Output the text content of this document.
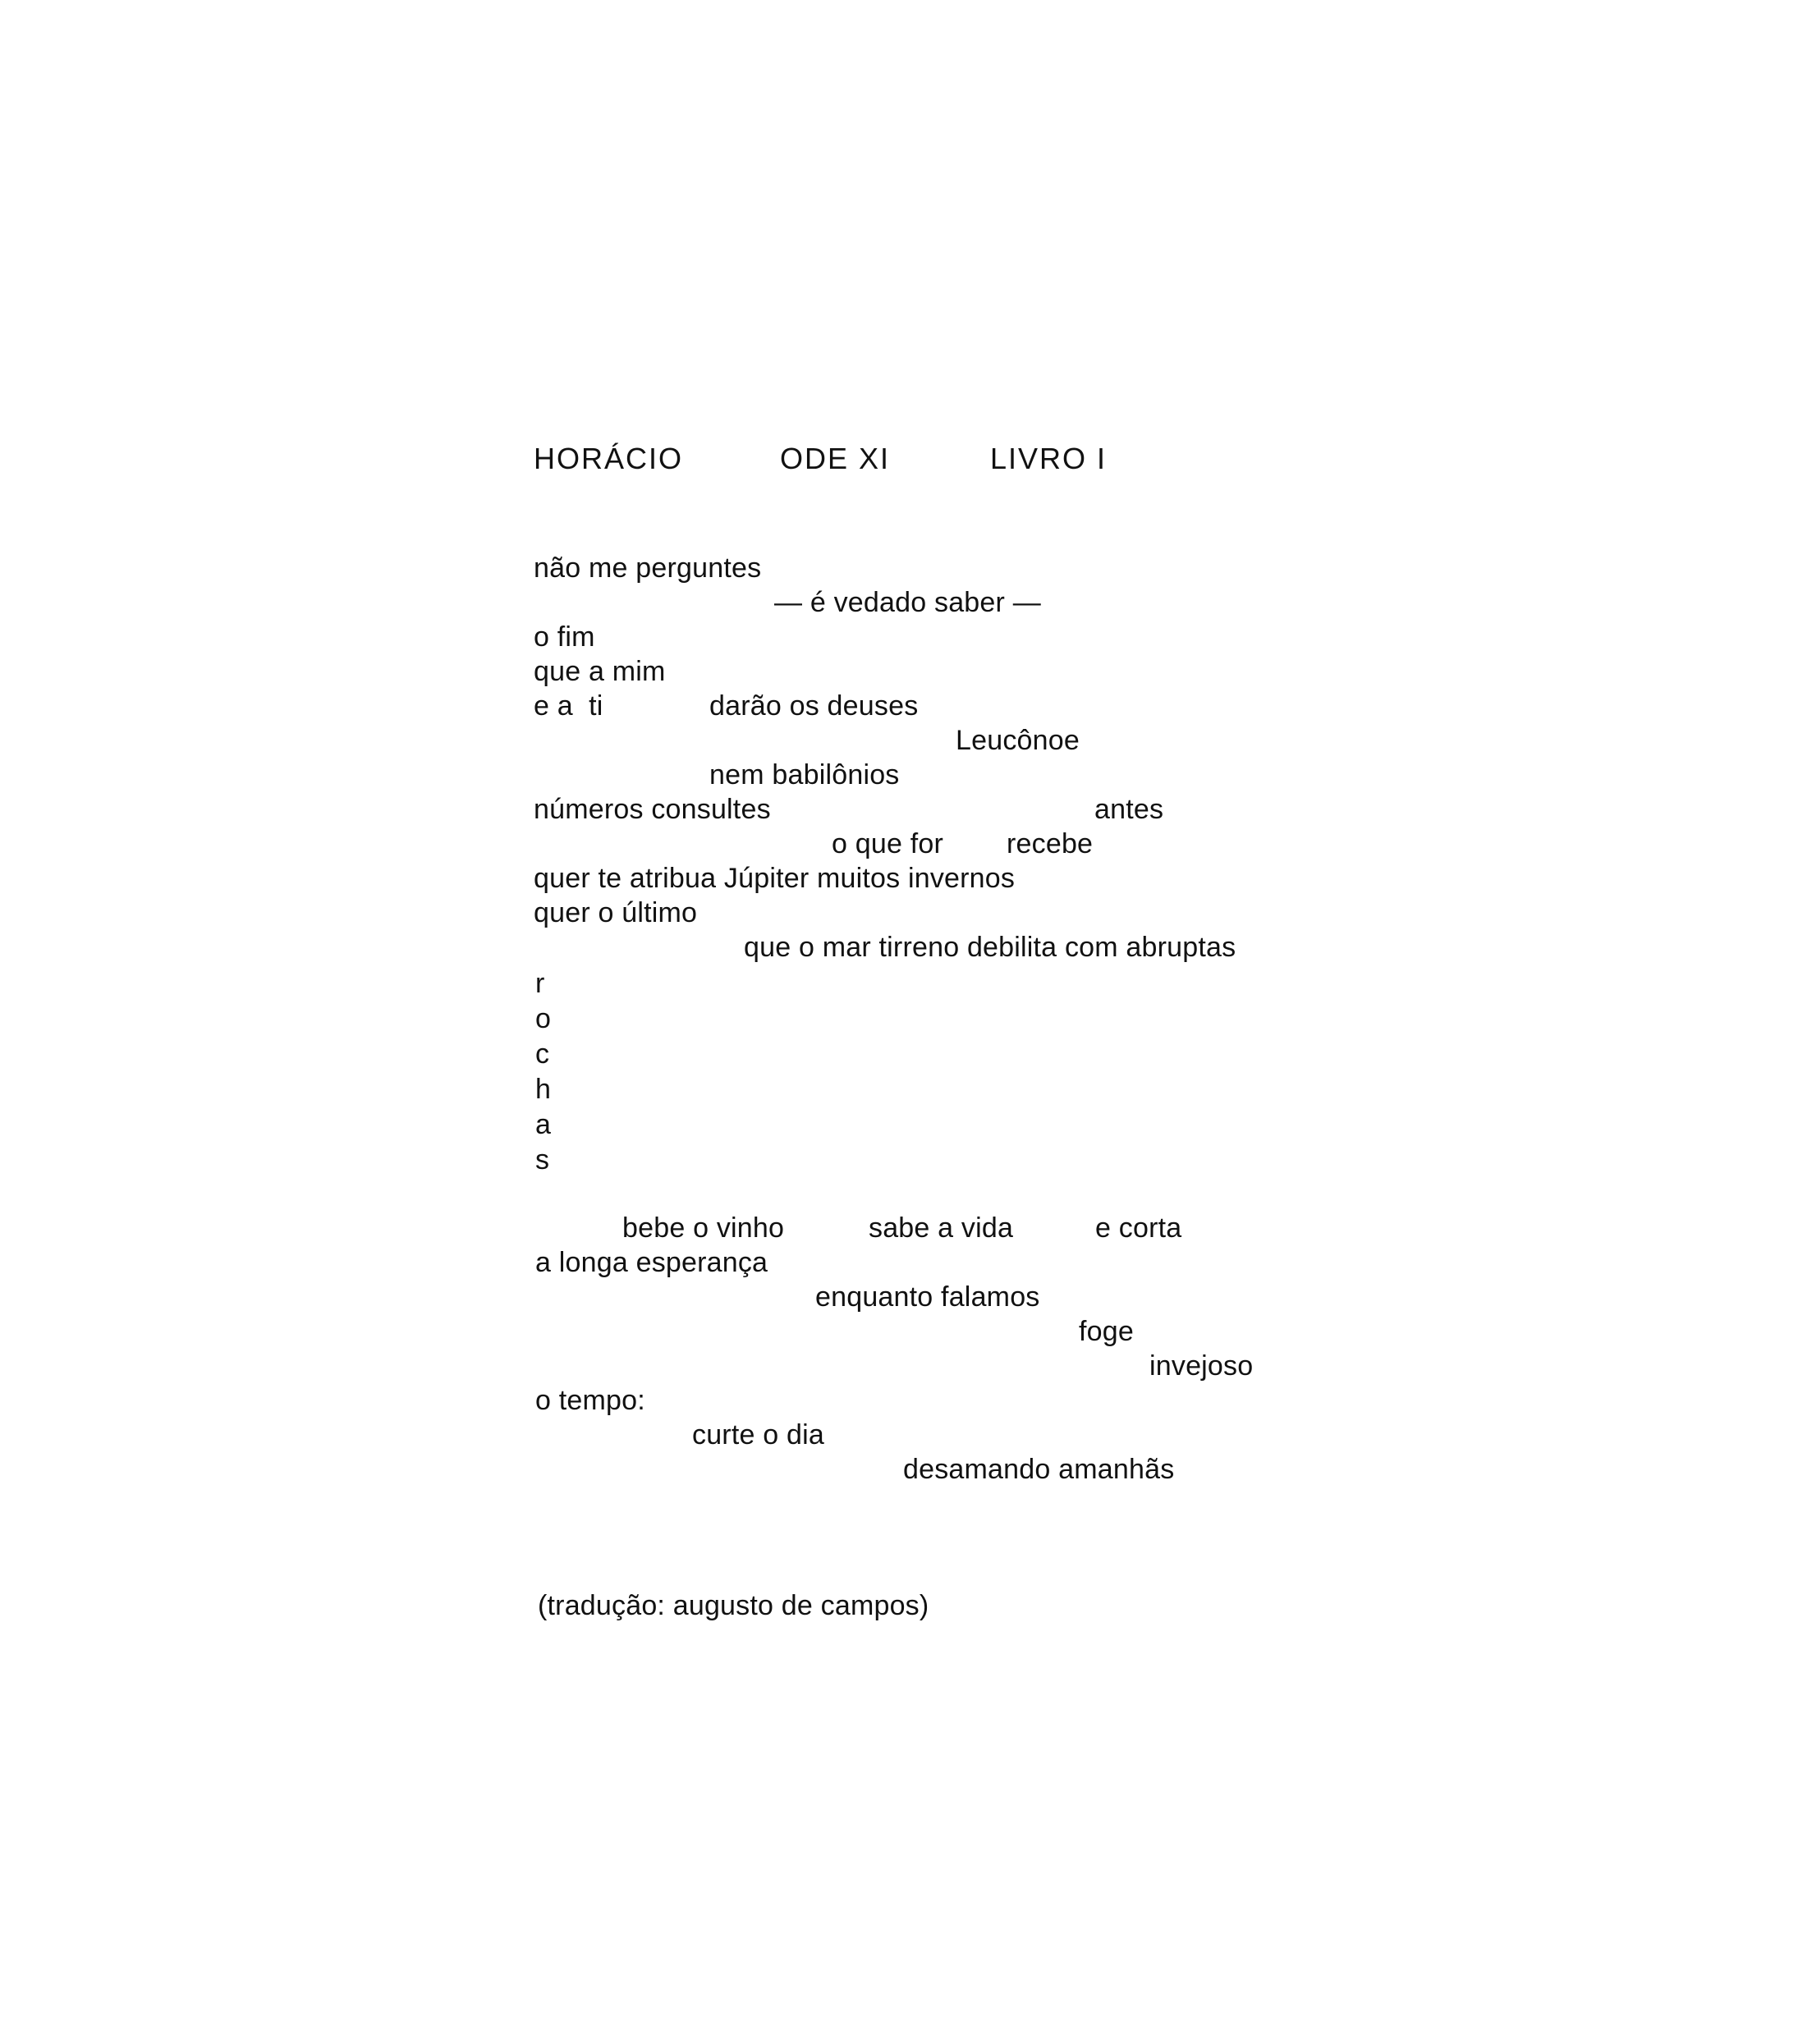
HORÁCIO	ODE XI	LIVRO I
não me perguntes
— é vedado saber —
o fim
que a mim
e a  ti	darão os deuses
Leucônoe
nem babilônios
números consultes	antes
o que for recebe
quer te atribua Júpiter muitos invernos
quer o último
que o mar tirreno debilita com abruptas
r
o
c
h
a
s
bebe o vinho	sabe a vida	e corta
a longa esperança
enquanto falamos
foge
invejoso
o tempo:
curte o dia
desamando amanhãs
(tradução: augusto de campos)
